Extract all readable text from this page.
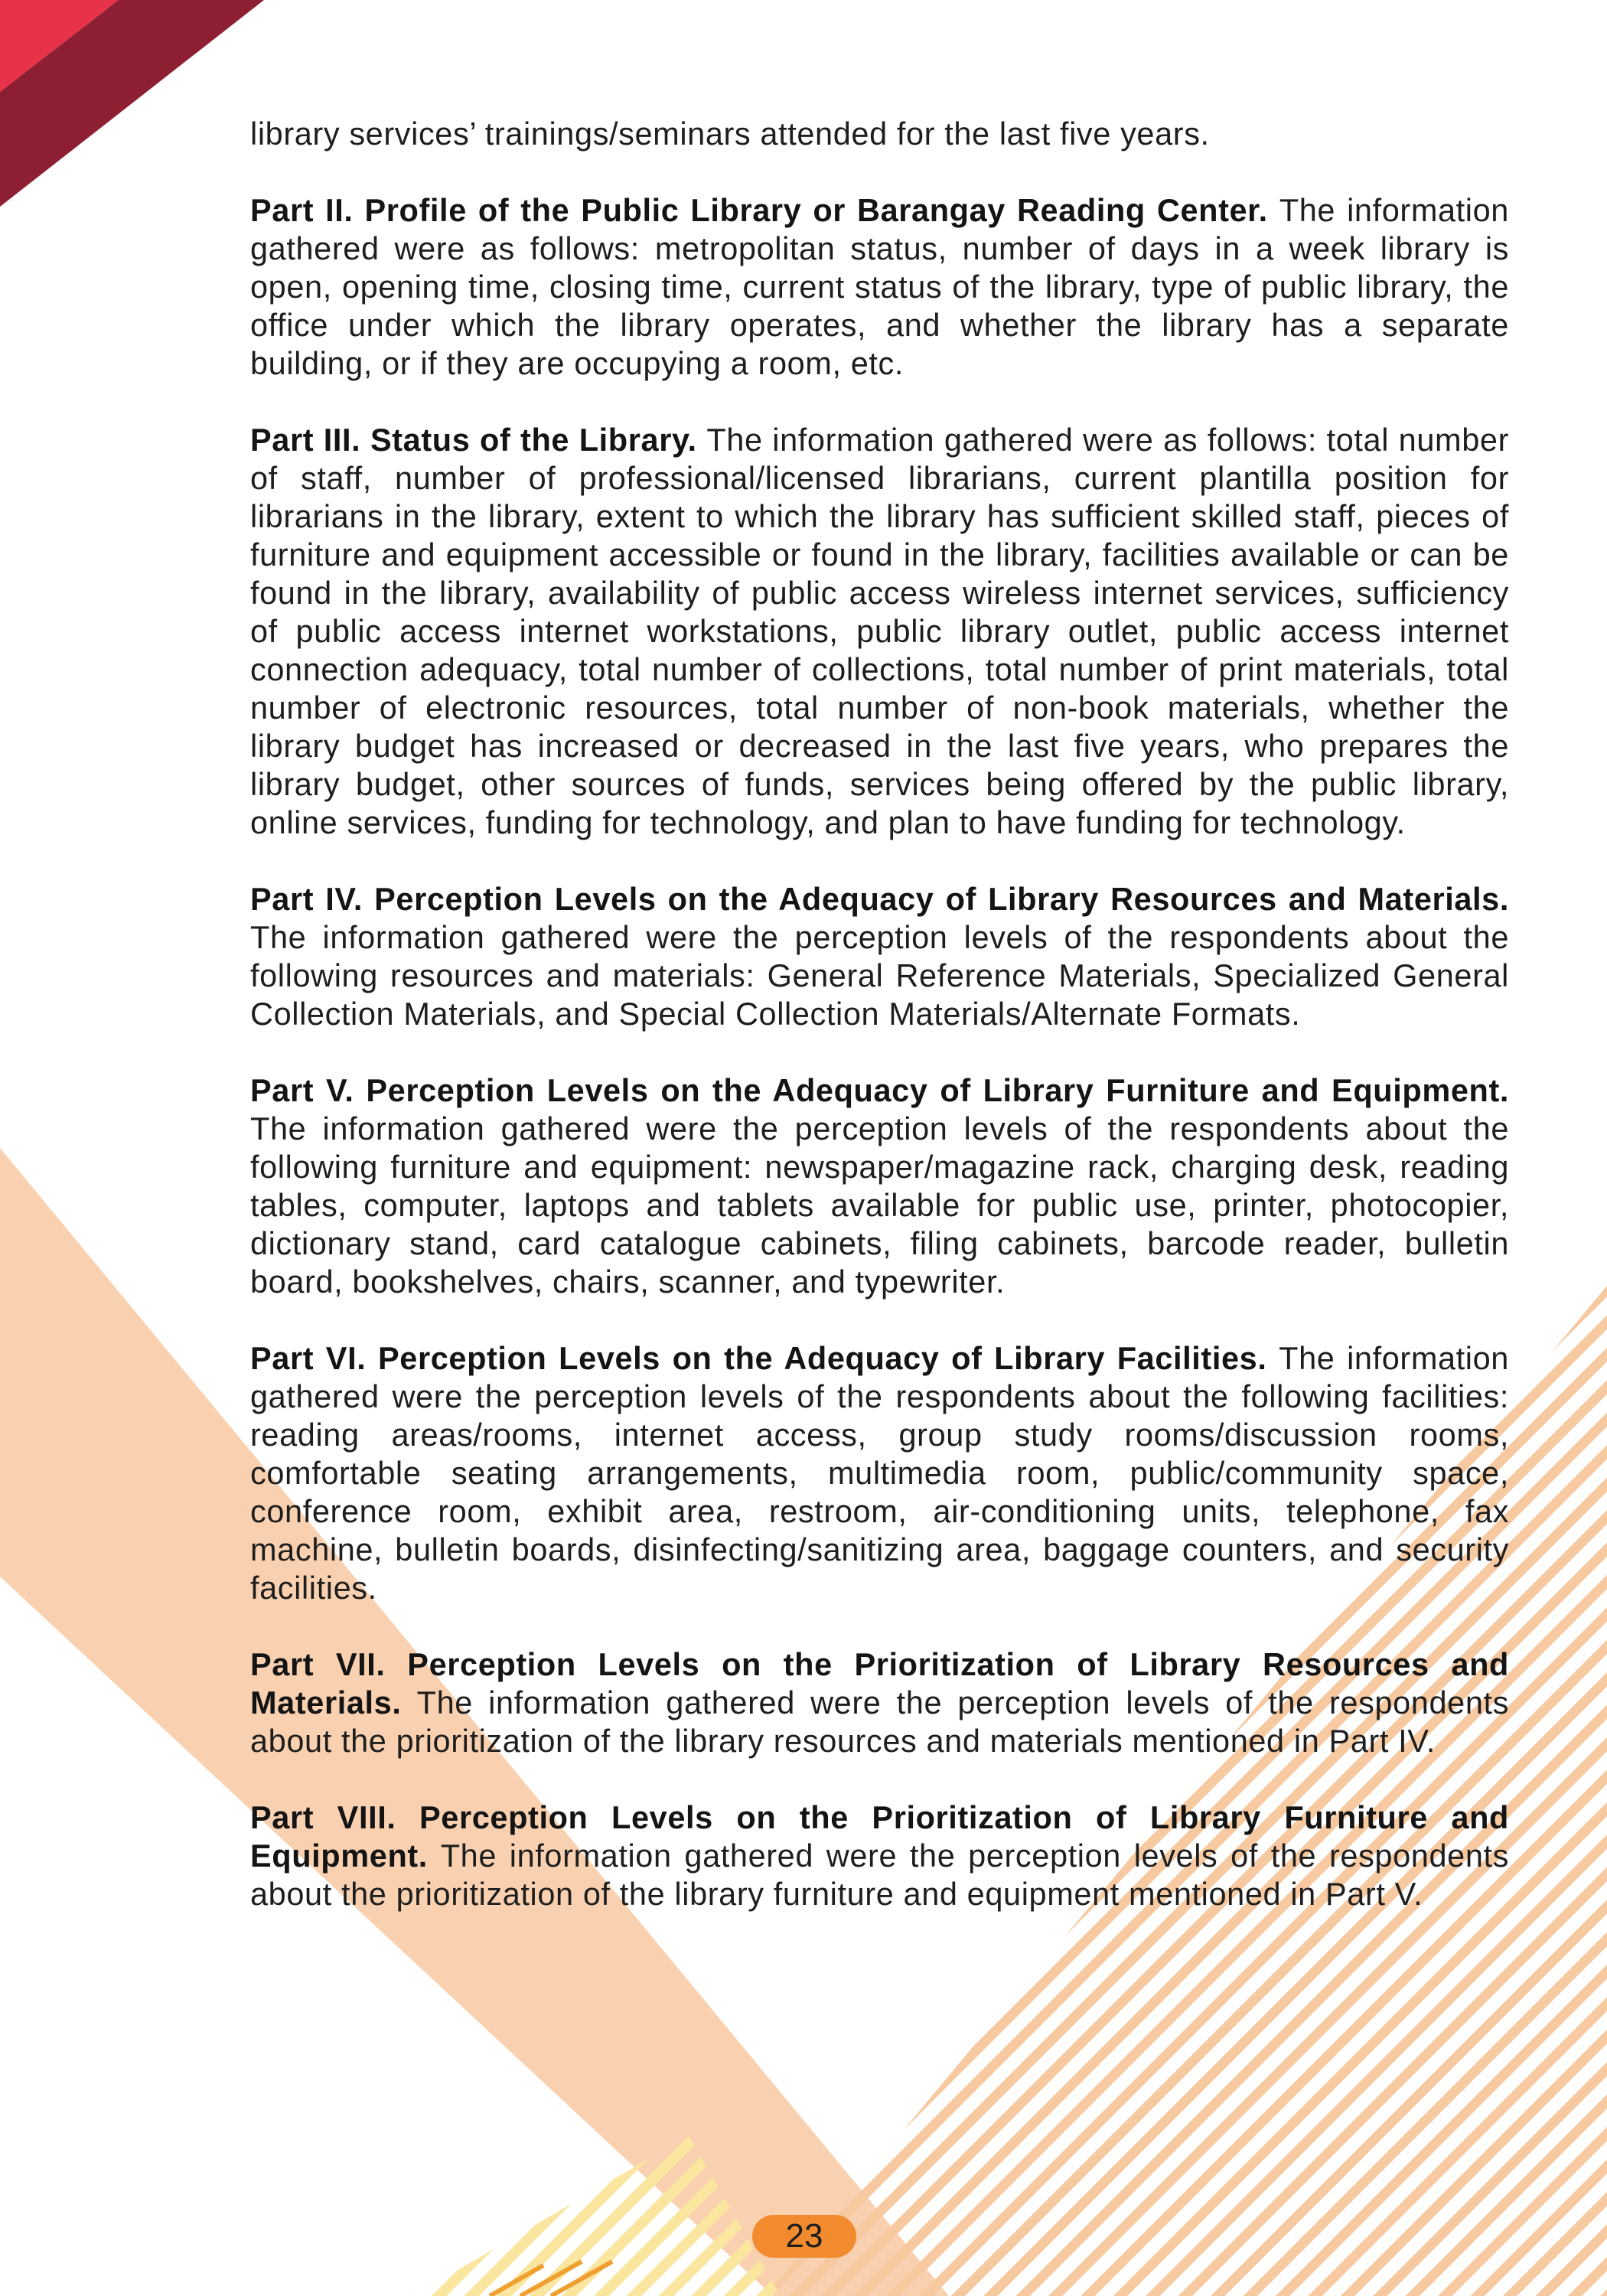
library services’ trainings/seminars attended for the last five years.

Part II. Profile of the Public Library or Barangay Reading Center. The information gathered were as follows: metropolitan status, number of days in a week library is open, opening time, closing time, current status of the library, type of public library, the office under which the library operates, and whether the library has a separate building, or if they are occupying a room, etc.

Part III. Status of the Library. The information gathered were as follows: total number of staff, number of professional/licensed librarians, current plantilla position for librarians in the library, extent to which the library has sufficient skilled staff, pieces of furniture and equipment accessible or found in the library, facilities available or can be found in the library, availability of public access wireless internet services, sufficiency of public access internet workstations, public library outlet, public access internet connection adequacy, total number of collections, total number of print materials, total number of electronic resources, total number of non-book materials, whether the library budget has increased or decreased in the last five years, who prepares the library budget, other sources of funds, services being offered by the public library, online services, funding for technology, and plan to have funding for technology.

Part IV. Perception Levels on the Adequacy of Library Resources and Materials. The information gathered were the perception levels of the respondents about the following resources and materials: General Reference Materials, Specialized General Collection Materials, and Special Collection Materials/Alternate Formats.

Part V. Perception Levels on the Adequacy of Library Furniture and Equipment. The information gathered were the perception levels of the respondents about the following furniture and equipment: newspaper/magazine rack, charging desk, reading tables, computer, laptops and tablets available for public use, printer, photocopier, dictionary stand, card catalogue cabinets, filing cabinets, barcode reader, bulletin board, bookshelves, chairs, scanner, and typewriter.

Part VI. Perception Levels on the Adequacy of Library Facilities. The information gathered were the perception levels of the respondents about the following facilities: reading areas/rooms, internet access, group study rooms/discussion rooms, comfortable seating arrangements, multimedia room, public/community space, conference room, exhibit area, restroom, air-conditioning units, telephone, fax machine, bulletin boards, disinfecting/sanitizing area, baggage counters, and security facilities.

Part VII. Perception Levels on the Prioritization of Library Resources and Materials. The information gathered were the perception levels of the respondents about the prioritization of the library resources and materials mentioned in Part IV.

Part VIII. Perception Levels on the Prioritization of Library Furniture and Equipment. The information gathered were the perception levels of the respondents about the prioritization of the library furniture and equipment mentioned in Part V.

23
